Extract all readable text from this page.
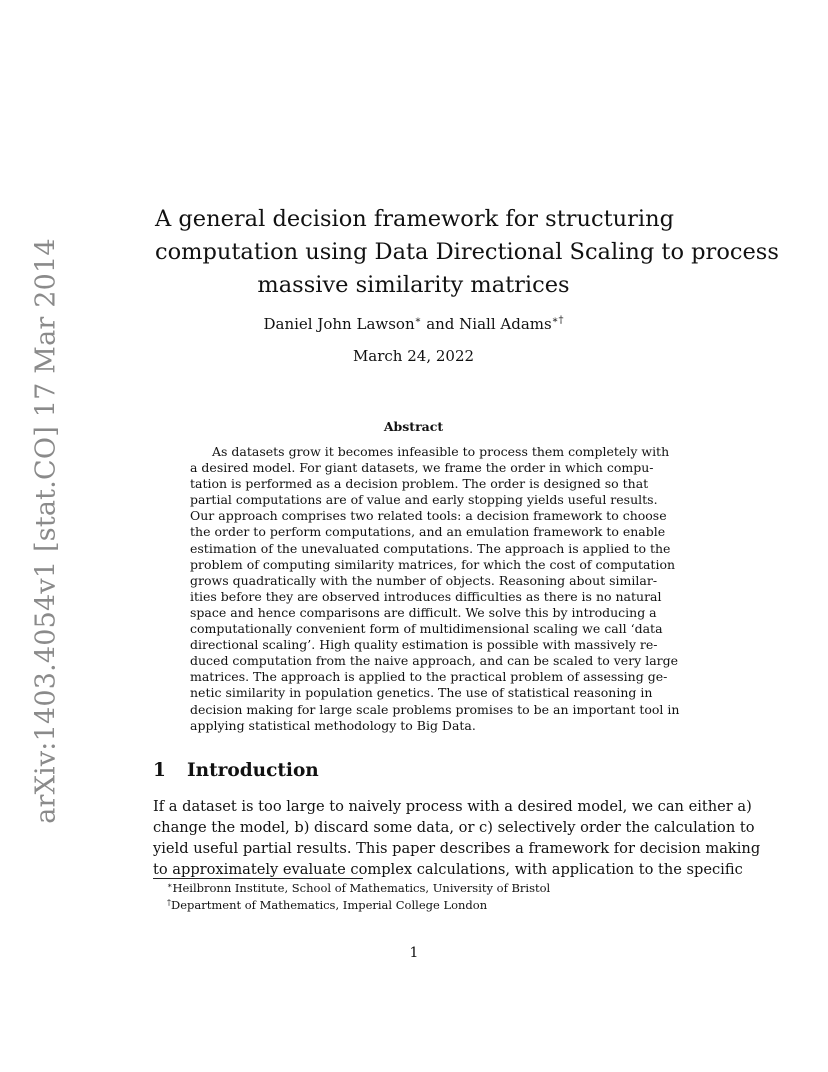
arXiv:1403.4054v1 [stat.CO] 17 Mar 2014
A general decision framework for structuring
computation using Data Directional Scaling to process
massive similarity matrices
Daniel John Lawson∗ and Niall Adams∗†
March 24, 2022
Abstract
As datasets grow it becomes infeasible to process them completely with
a desired model. For giant datasets, we frame the order in which compu-
tation is performed as a decision problem. The order is designed so that
partial computations are of value and early stopping yields useful results.
Our approach comprises two related tools: a decision framework to choose
the order to perform computations, and an emulation framework to enable
estimation of the unevaluated computations. The approach is applied to the
problem of computing similarity matrices, for which the cost of computation
grows quadratically with the number of objects. Reasoning about similar-
ities before they are observed introduces difficulties as there is no natural
space and hence comparisons are difficult. We solve this by introducing a
computationally convenient form of multidimensional scaling we call ‘data
directional scaling’. High quality estimation is possible with massively re-
duced computation from the naive approach, and can be scaled to very large
matrices. The approach is applied to the practical problem of assessing ge-
netic similarity in population genetics. The use of statistical reasoning in
decision making for large scale problems promises to be an important tool in
applying statistical methodology to Big Data.
1 Introduction
If a dataset is too large to naively process with a desired model, we can either a)
change the model, b) discard some data, or c) selectively order the calculation to
yield useful partial results. This paper describes a framework for decision making
to approximately evaluate complex calculations, with application to the specific
∗Heilbronn Institute, School of Mathematics, University of Bristol
†Department of Mathematics, Imperial College London
1
